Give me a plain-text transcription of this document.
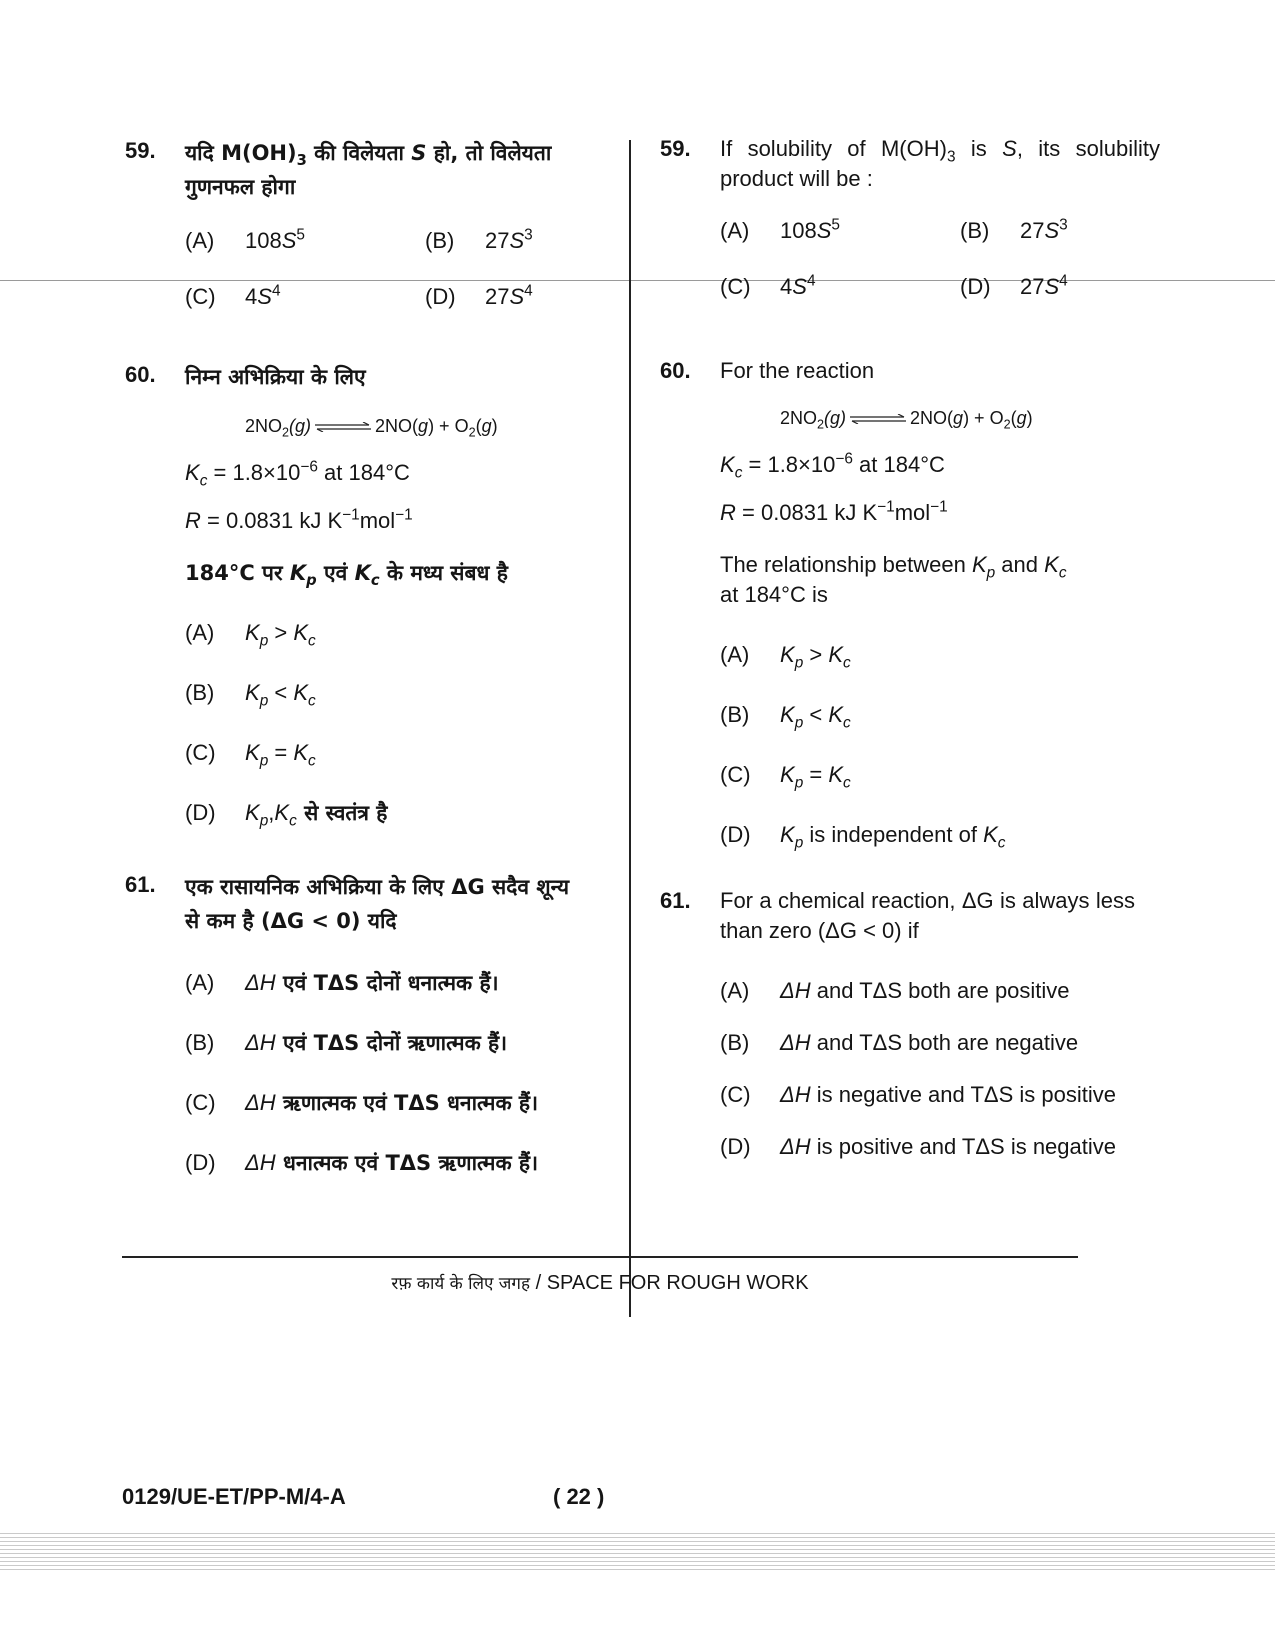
59.	यदि $M(OH)_3$ की विलेयता S हो, तो विलेयता
गुणनफल होगा
(A)	$108S^5$	(B)	$27S^3$
(C)	$4S^4$	(D)	$27S^4$
60.	निम्न अभिक्रिया के लिए
$2NO_2(g)$ ⇌ $2NO(g) + O_2(g)$
$K_c = 1.8\times 10^{-6}$ at 184°C
R = 0.0831 kJ $K^{-1}mol^{-1}$
184°C पर $K_p$ एवं $K_c$ के मध्य संबध है
(A)	$K_p > K_c$
(B)	$K_p < K_c$
(C)	$K_p = K_c$
(D)	$K_p,K_c$ से स्वतंत्र है
61.	एक रासायनिक अभिक्रिया के लिए ΔG सदैव शून्य
से कम है (ΔG < 0) यदि
(A)	ΔH एवं TΔS दोनों धनात्मक हैं।
(B)	ΔH एवं TΔS दोनों ऋणात्मक हैं।
(C)	ΔH ऋणात्मक एवं TΔS धनात्मक हैं।
(D)	ΔH धनात्मक एवं TΔS ऋणात्मक हैं।
59.	If solubility of $M(OH)_3$ is S, its solubility product will be :
(A)	$108S^5$	(B)	$27S^3$
(C)	$4S^4$	(D)	$27S^4$
60.	For the reaction
$2NO_2(g)$ ⇌ $2NO(g) + O_2(g)$
$K_c = 1.8\times 10^{-6}$ at 184°C
R = 0.0831 kJ $K^{-1}mol^{-1}$
The relationship between $K_p$ and $K_c$
at 184°C is
(A)	$K_p > K_c$
(B)	$K_p < K_c$
(C)	$K_p = K_c$
(D)	$K_p$ is independent of $K_c$
61.	For a chemical reaction, ΔG is always less than zero (ΔG < 0) if
(A)	ΔH and TΔS both are positive
(B)	ΔH and TΔS both are negative
(C)	ΔH is negative and TΔS is positive
(D)	ΔH is positive and TΔS is negative
रफ़ कार्य के लिए जगह / SPACE FOR ROUGH WORK
0129/UE-ET/PP-M/4-A	( 22 )
